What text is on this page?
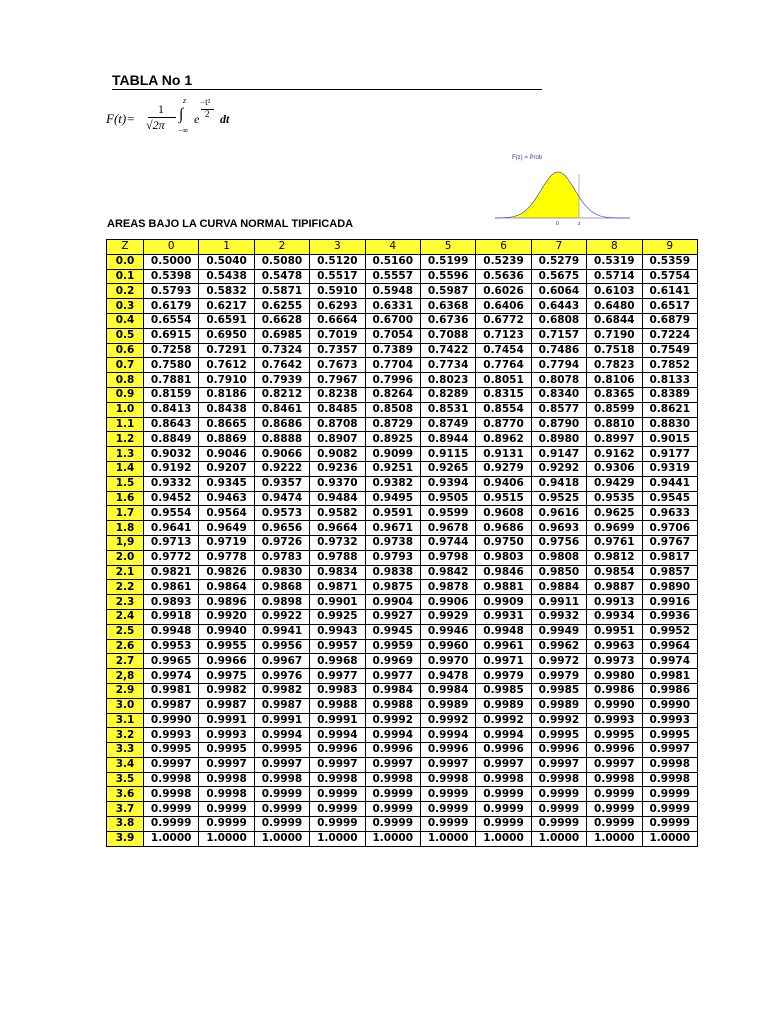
TABLA No 1
F(t)=
1
√2π
∫
z
−∞
e
−t²
2 dt
F(z) = Prob
0	z
AREAS BAJO LA CURVA NORMAL TIPIFICADA
Z	0	1	2	3	4	5	6	7	8	9
0.0	0.5000	0.5040	0.5080	0.5120	0.5160	0.5199	0.5239	0.5279	0.5319	0.5359
0.1	0.5398	0.5438	0.5478	0.5517	0.5557	0.5596	0.5636	0.5675	0.5714	0.5754
0.2	0.5793	0.5832	0.5871	0.5910	0.5948	0.5987	0.6026	0.6064	0.6103	0.6141
0.3	0.6179	0.6217	0.6255	0.6293	0.6331	0.6368	0.6406	0.6443	0.6480	0.6517
0.4	0.6554	0.6591	0.6628	0.6664	0.6700	0.6736	0.6772	0.6808	0.6844	0.6879
0.5	0.6915	0.6950	0.6985	0.7019	0.7054	0.7088	0.7123	0.7157	0.7190	0.7224
0.6	0.7258	0.7291	0.7324	0.7357	0.7389	0.7422	0.7454	0.7486	0.7518	0.7549
0.7	0.7580	0.7612	0.7642	0.7673	0.7704	0.7734	0.7764	0.7794	0.7823	0.7852
0.8	0.7881	0.7910	0.7939	0.7967	0.7996	0.8023	0.8051	0.8078	0.8106	0.8133
0.9	0.8159	0.8186	0.8212	0.8238	0.8264	0.8289	0.8315	0.8340	0.8365	0.8389
1.0	0.8413	0.8438	0.8461	0.8485	0.8508	0.8531	0.8554	0.8577	0.8599	0.8621
1.1	0.8643	0.8665	0.8686	0.8708	0.8729	0.8749	0.8770	0.8790	0.8810	0.8830
1.2	0.8849	0.8869	0.8888	0.8907	0.8925	0.8944	0.8962	0.8980	0.8997	0.9015
1.3	0.9032	0.9046	0.9066	0.9082	0.9099	0.9115	0.9131	0.9147	0.9162	0.9177
1.4	0.9192	0.9207	0.9222	0.9236	0.9251	0.9265	0.9279	0.9292	0.9306	0.9319
1.5	0.9332	0.9345	0.9357	0.9370	0.9382	0.9394	0.9406	0.9418	0.9429	0.9441
1.6	0.9452	0.9463	0.9474	0.9484	0.9495	0.9505	0.9515	0.9525	0.9535	0.9545
1.7	0.9554	0.9564	0.9573	0.9582	0.9591	0.9599	0.9608	0.9616	0.9625	0.9633
1.8	0.9641	0.9649	0.9656	0.9664	0.9671	0.9678	0.9686	0.9693	0.9699	0.9706
1,9	0.9713	0.9719	0.9726	0.9732	0.9738	0.9744	0.9750	0.9756	0.9761	0.9767
2.0	0.9772	0.9778	0.9783	0.9788	0.9793	0.9798	0.9803	0.9808	0.9812	0.9817
2.1	0.9821	0.9826	0.9830	0.9834	0.9838	0.9842	0.9846	0.9850	0.9854	0.9857
2.2	0.9861	0.9864	0.9868	0.9871	0.9875	0.9878	0.9881	0.9884	0.9887	0.9890
2.3	0.9893	0.9896	0.9898	0.9901	0.9904	0.9906	0.9909	0.9911	0.9913	0.9916
2.4	0.9918	0.9920	0.9922	0.9925	0.9927	0.9929	0.9931	0.9932	0.9934	0.9936
2.5	0.9948	0.9940	0.9941	0.9943	0.9945	0.9946	0.9948	0.9949	0.9951	0.9952
2.6	0.9953	0.9955	0.9956	0.9957	0.9959	0.9960	0.9961	0.9962	0.9963	0.9964
2.7	0.9965	0.9966	0.9967	0.9968	0.9969	0.9970	0.9971	0.9972	0.9973	0.9974
2,8	0.9974	0.9975	0.9976	0.9977	0.9977	0.9478	0.9979	0.9979	0.9980	0.9981
2.9	0.9981	0.9982	0.9982	0.9983	0.9984	0.9984	0.9985	0.9985	0.9986	0.9986
3.0	0.9987	0.9987	0.9987	0.9988	0.9988	0.9989	0.9989	0.9989	0.9990	0.9990
3.1	0.9990	0.9991	0.9991	0.9991	0.9992	0.9992	0.9992	0.9992	0.9993	0.9993
3.2	0.9993	0.9993	0.9994	0.9994	0.9994	0.9994	0.9994	0.9995	0.9995	0.9995
3.3	0.9995	0.9995	0.9995	0.9996	0.9996	0.9996	0.9996	0.9996	0.9996	0.9997
3.4	0.9997	0.9997	0.9997	0.9997	0.9997	0.9997	0.9997	0.9997	0.9997	0.9998
3.5	0.9998	0.9998	0.9998	0.9998	0.9998	0.9998	0.9998	0.9998	0.9998	0.9998
3.6	0.9998	0.9998	0.9999	0.9999	0.9999	0.9999	0.9999	0.9999	0.9999	0.9999
3.7	0.9999	0.9999	0.9999	0.9999	0.9999	0.9999	0.9999	0.9999	0.9999	0.9999
3.8	0.9999	0.9999	0.9999	0.9999	0.9999	0.9999	0.9999	0.9999	0.9999	0.9999
3.9	1.0000	1.0000	1.0000	1.0000	1.0000	1.0000	1.0000	1.0000	1.0000	1.0000
